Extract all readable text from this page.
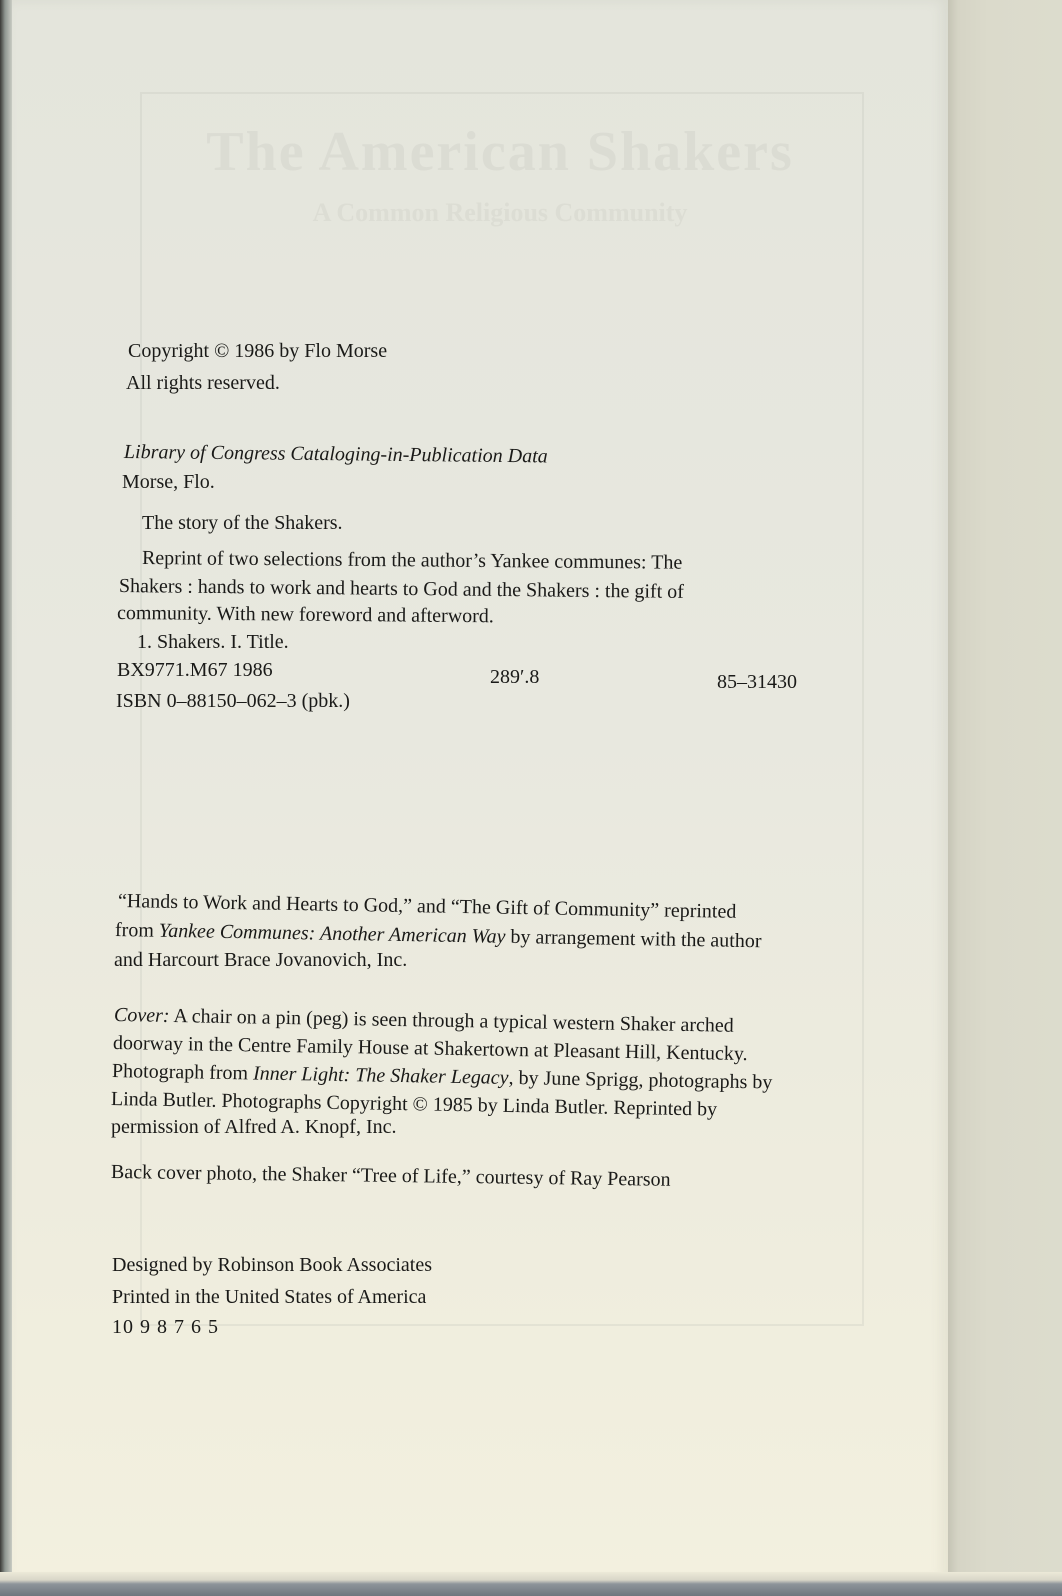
The American Shakers
A Common Religious Community
Copyright © 1986 by Flo Morse
All rights reserved.
Library of Congress Cataloging-in-Publication Data
Morse, Flo.
The story of the Shakers.
Reprint of two selections from the author’s Yankee communes: The
Shakers : hands to work and hearts to God and the Shakers : the gift of
community. With new foreword and afterword.
1. Shakers. I. Title.
BX9771.M67 1986	289′.8	85–31430
ISBN 0–88150–062–3 (pbk.)
“Hands to Work and Hearts to God,” and “The Gift of Community” reprinted
from Yankee Communes: Another American Way by arrangement with the author
and Harcourt Brace Jovanovich, Inc.
Cover: A chair on a pin (peg) is seen through a typical western Shaker arched
doorway in the Centre Family House at Shakertown at Pleasant Hill, Kentucky.
Photograph from Inner Light: The Shaker Legacy, by June Sprigg, photographs by
Linda Butler. Photographs Copyright © 1985 by Linda Butler. Reprinted by
permission of Alfred A. Knopf, Inc.
Back cover photo, the Shaker “Tree of Life,” courtesy of Ray Pearson
Designed by Robinson Book Associates
Printed in the United States of America
10 9 8 7 6 5
